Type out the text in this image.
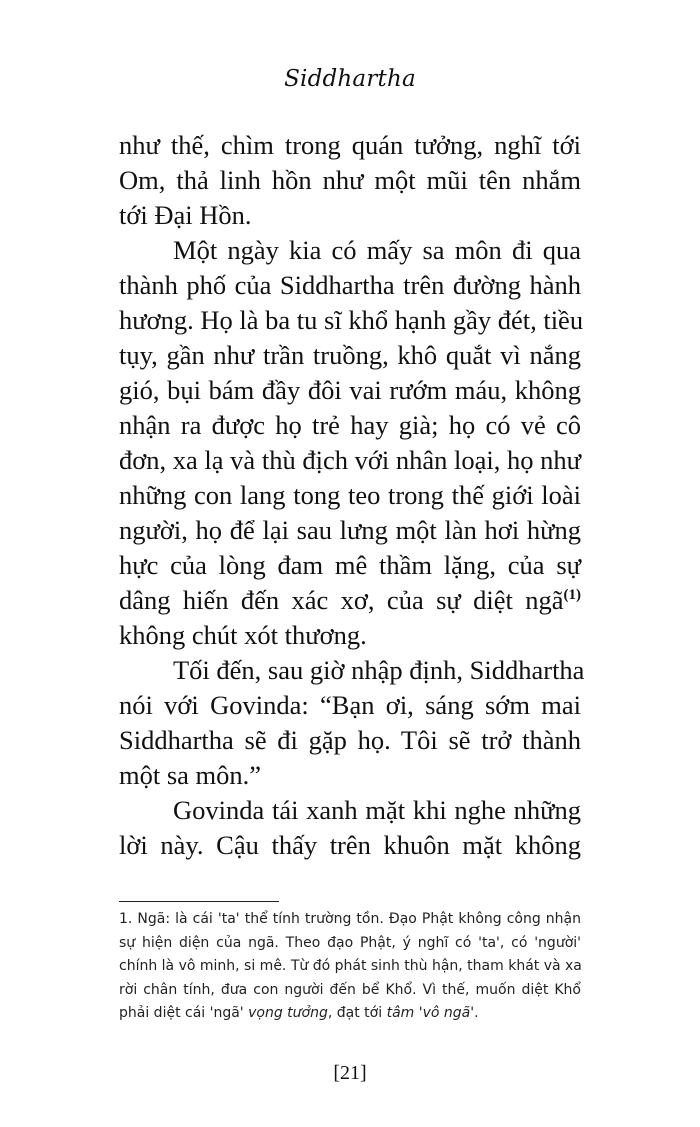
Siddhartha
như thế, chìm trong quán tưởng, nghĩ tới
Om, thả linh hồn như một mũi tên nhắm
tới Đại Hồn.
Một ngày kia có mấy sa môn đi qua
thành phố của Siddhartha trên đường hành
hương. Họ là ba tu sĩ khổ hạnh gầy đét, tiều
tụy, gần như trần truồng, khô quắt vì nắng
gió, bụi bám đầy đôi vai rướm máu, không
nhận ra được họ trẻ hay già; họ có vẻ cô
đơn, xa lạ và thù địch với nhân loại, họ như
những con lang tong teo trong thế giới loài
người, họ để lại sau lưng một làn hơi hừng
hực của lòng đam mê thầm lặng, của sự
dâng hiến đến xác xơ, của sự diệt ngã$^{(1)}$
không chút xót thương.
Tối đến, sau giờ nhập định, Siddhartha
nói với Govinda: “Bạn ơi, sáng sớm mai
Siddhartha sẽ đi gặp họ. Tôi sẽ trở thành
một sa môn.”
Govinda tái xanh mặt khi nghe những
lời này. Cậu thấy trên khuôn mặt không
1. Ngã: là cái 'ta' thể tính trường tồn. Đạo Phật không công nhận
sự hiện diện của ngã. Theo đạo Phật, ý nghĩ có 'ta', có 'người'
chính là vô minh, si mê. Từ đó phát sinh thù hận, tham khát và xa
rời chân tính, đưa con người đến bể Khổ. Vì thế, muốn diệt Khổ
phải diệt cái 'ngã' vọng tưởng, đạt tới tâm 'vô ngã'.
[21]
